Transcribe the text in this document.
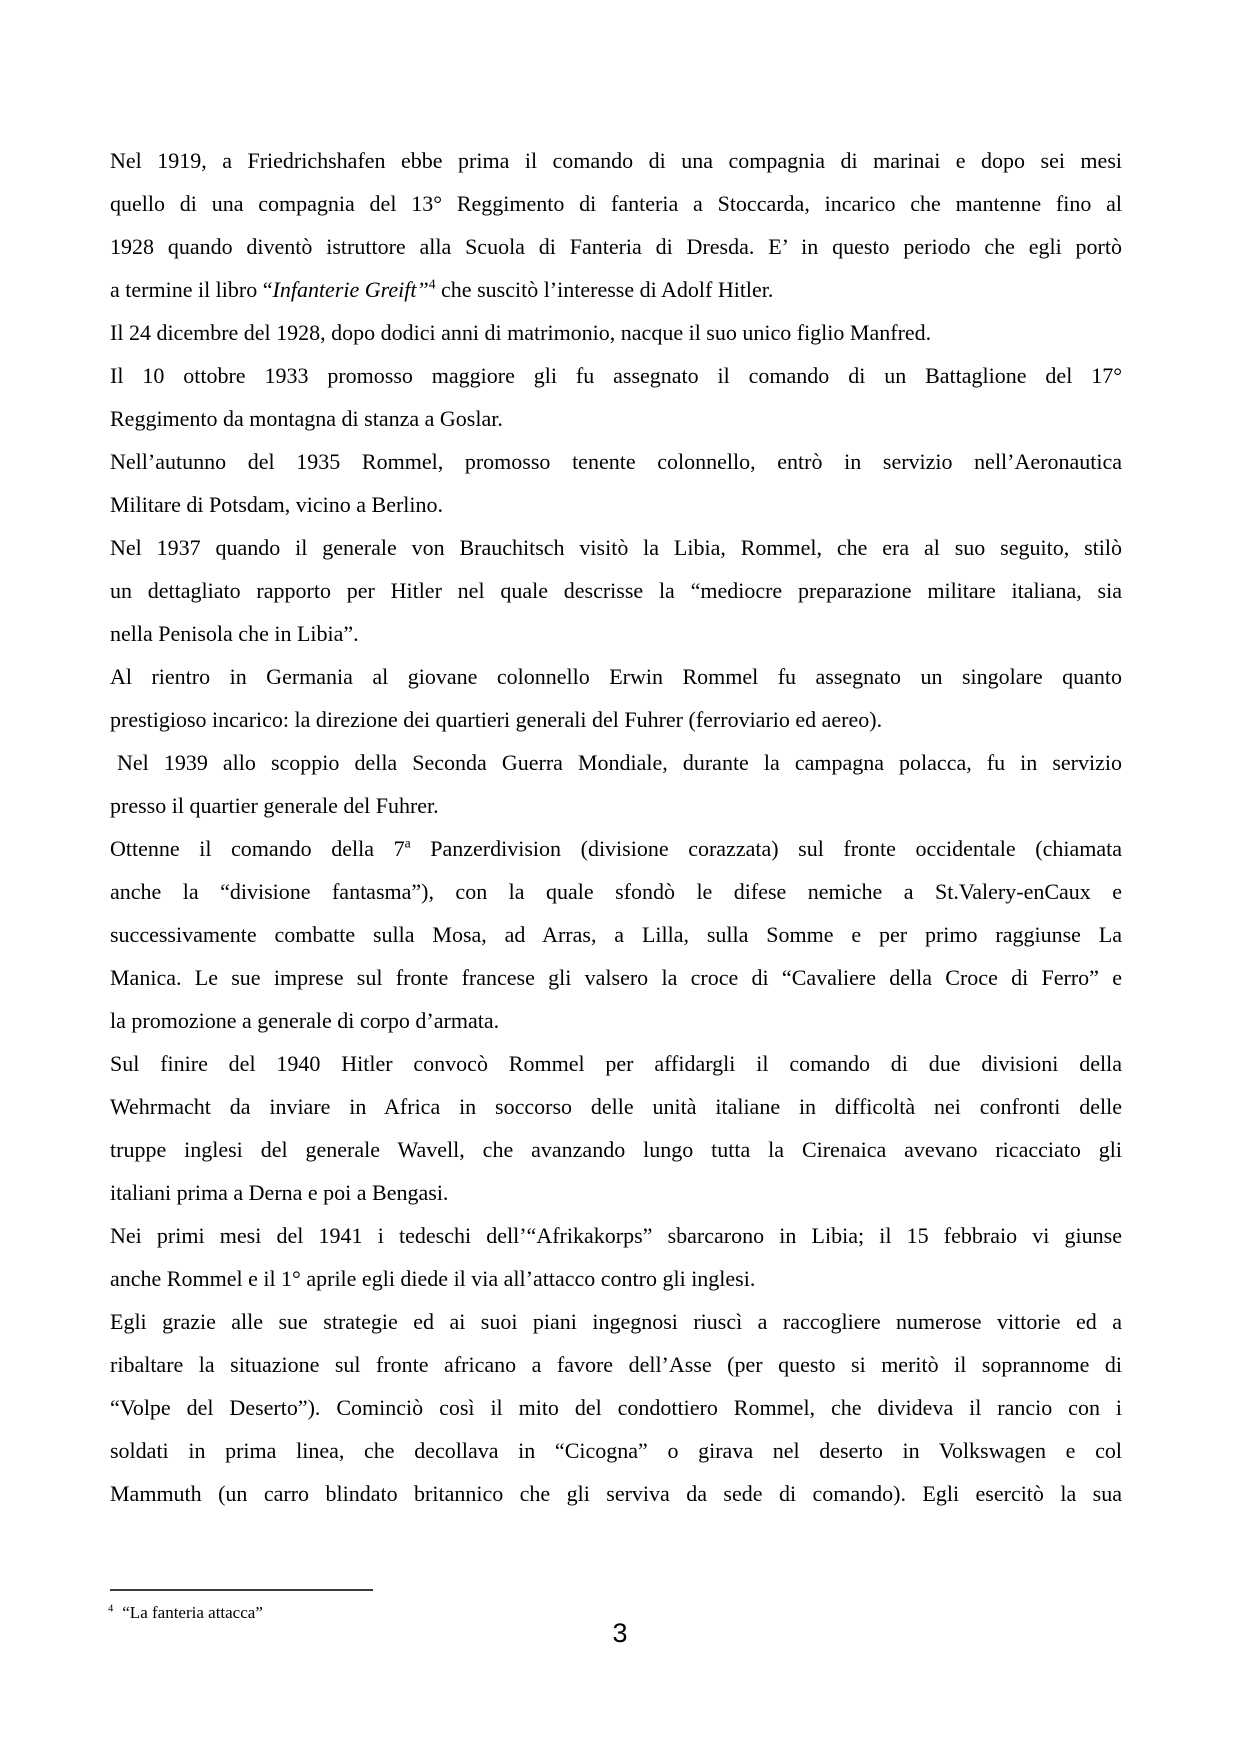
Nel 1919, a Friedrichshafen ebbe prima il comando di una compagnia di marinai e dopo sei mesi
quello di una compagnia del 13° Reggimento di fanteria a Stoccarda, incarico che mantenne fino al
1928 quando diventò istruttore alla Scuola di Fanteria di Dresda. E’ in questo periodo che egli portò
a termine il libro “Infanterie Greift”$^4$ che suscitò l’interesse di Adolf Hitler.
Il 24 dicembre del 1928, dopo dodici anni di matrimonio, nacque il suo unico figlio Manfred.
Il 10 ottobre 1933 promosso maggiore gli fu assegnato il comando di un Battaglione del 17°
Reggimento da montagna di stanza a Goslar.
Nell’autunno del 1935 Rommel, promosso tenente colonnello, entrò in servizio nell’Aeronautica
Militare di Potsdam, vicino a Berlino.
Nel 1937 quando il generale von Brauchitsch visitò la Libia, Rommel, che era al suo seguito, stilò
un dettagliato rapporto per Hitler nel quale descrisse la “mediocre preparazione militare italiana, sia
nella Penisola che in Libia”.
Al rientro in Germania al giovane colonnello Erwin Rommel fu assegnato un singolare quanto
prestigioso incarico: la direzione dei quartieri generali del Fuhrer (ferroviario ed aereo).
Nel 1939 allo scoppio della Seconda Guerra Mondiale, durante la campagna polacca, fu in servizio
presso il quartier generale del Fuhrer.
Ottenne il comando della 7$^a$ Panzerdivision (divisione corazzata) sul fronte occidentale (chiamata
anche la “divisione fantasma”), con la quale sfondò le difese nemiche a St.Valery-enCaux e
successivamente combatte sulla Mosa, ad Arras, a Lilla, sulla Somme e per primo raggiunse La
Manica. Le sue imprese sul fronte francese gli valsero la croce di “Cavaliere della Croce di Ferro” e
la promozione a generale di corpo d’armata.
Sul finire del 1940 Hitler convocò Rommel per affidargli il comando di due divisioni della
Wehrmacht da inviare in Africa in soccorso delle unità italiane in difficoltà nei confronti delle
truppe inglesi del generale Wavell, che avanzando lungo tutta la Cirenaica avevano ricacciato gli
italiani prima a Derna e poi a Bengasi.
Nei primi mesi del 1941 i tedeschi dell’“Afrikakorps” sbarcarono in Libia; il 15 febbraio vi giunse
anche Rommel e il 1° aprile egli diede il via all’attacco contro gli inglesi.
Egli grazie alle sue strategie ed ai suoi piani ingegnosi riuscì a raccogliere numerose vittorie ed a
ribaltare la situazione sul fronte africano a favore dell’Asse (per questo si meritò il soprannome di
“Volpe del Deserto”). Cominciò così il mito del condottiero Rommel, che divideva il rancio con i
soldati in prima linea, che decollava in “Cicogna” o girava nel deserto in Volkswagen e col
Mammuth (un carro blindato britannico che gli serviva da sede di comando). Egli esercitò la sua
$^4$ “La fanteria attacca”
3
